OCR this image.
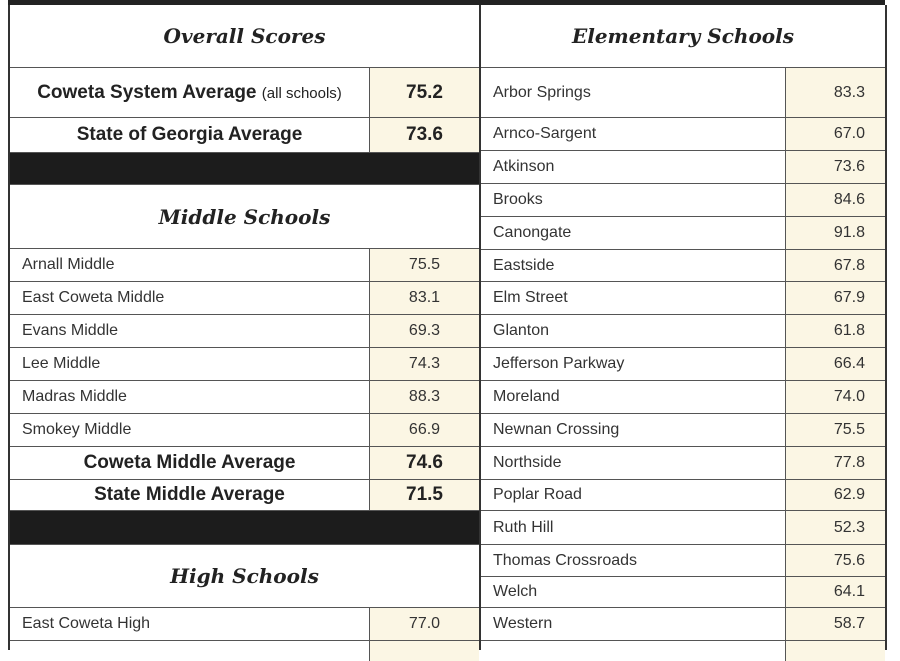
Overall Scores
Coweta System Average (all schools)	75.2
State of Georgia Average	73.6
Middle Schools
Arnall Middle	75.5
East Coweta Middle	83.1
Evans Middle	69.3
Lee Middle	74.3
Madras Middle	88.3
Smokey Middle	66.9
Coweta Middle Average	74.6
State Middle Average	71.5
High Schools
East Coweta High	77.0
Elementary Schools
Arbor Springs	83.3
Arnco-Sargent	67.0
Atkinson	73.6
Brooks	84.6
Canongate	91.8
Eastside	67.8
Elm Street	67.9
Glanton	61.8
Jefferson Parkway	66.4
Moreland	74.0
Newnan Crossing	75.5
Northside	77.8
Poplar Road	62.9
Ruth Hill	52.3
Thomas Crossroads	75.6
Welch	64.1
Western	58.7
